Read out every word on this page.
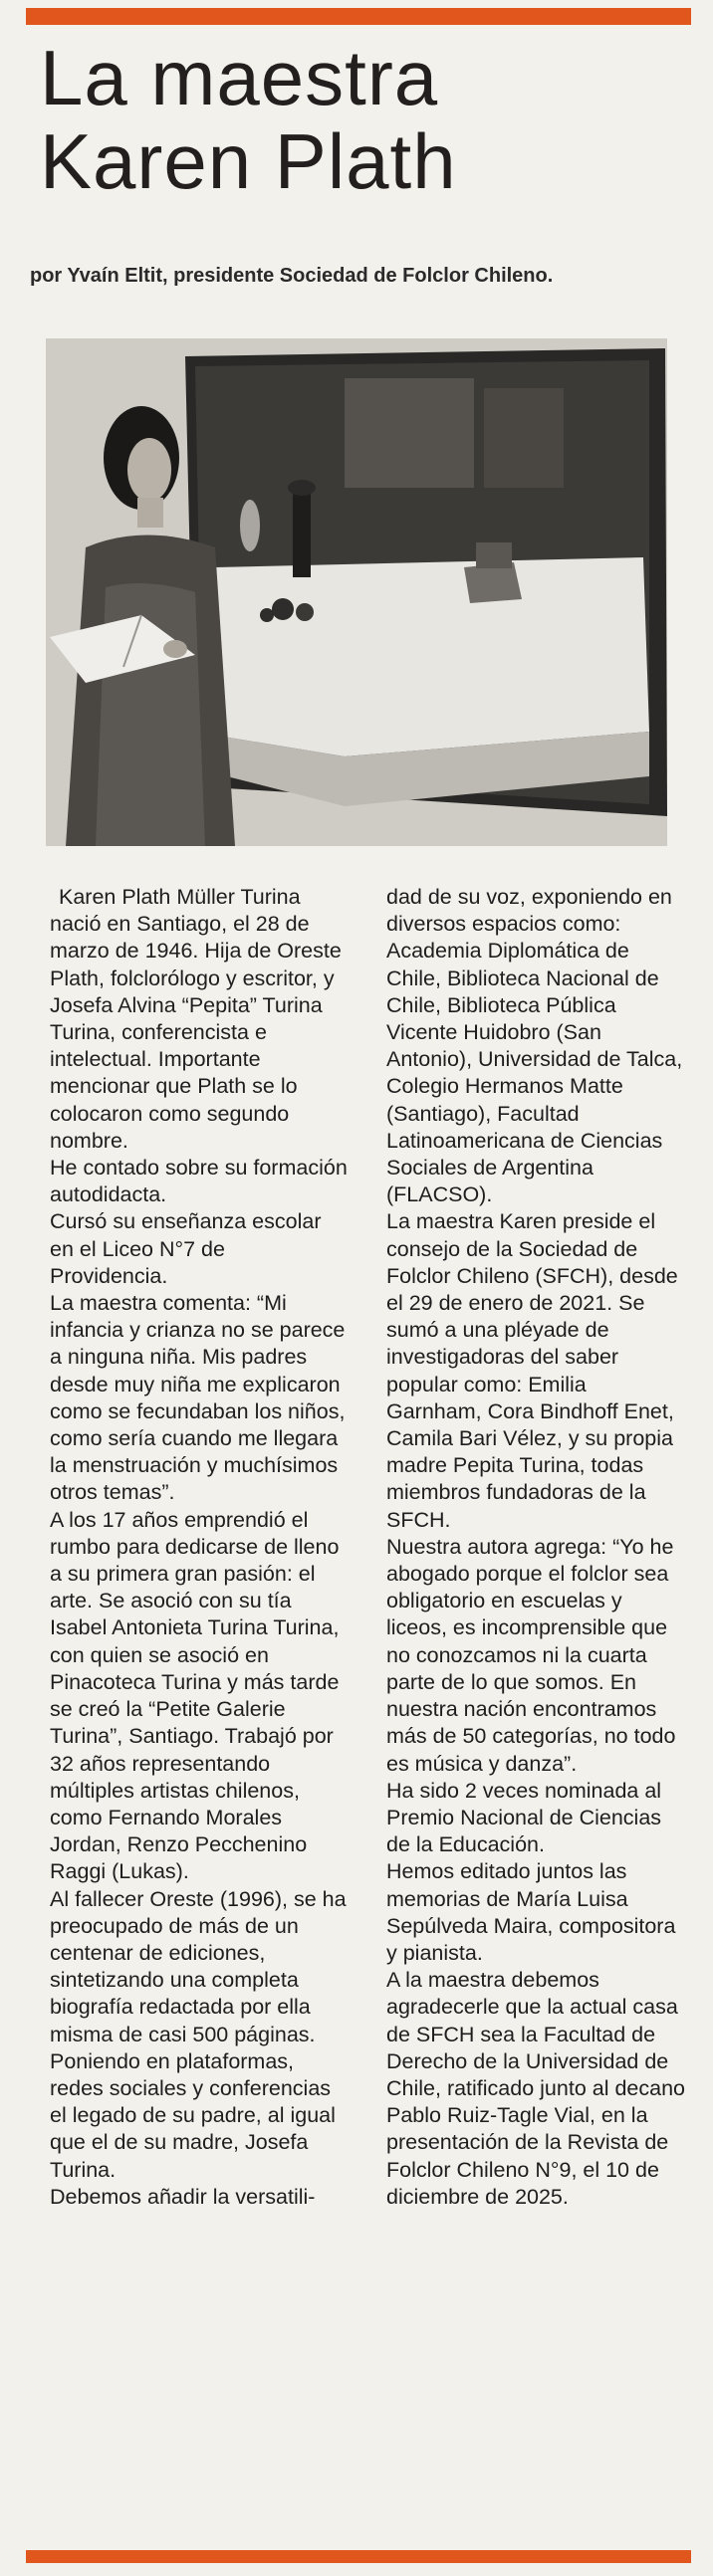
La maestra
Karen Plath
por Yvaín Eltit, presidente Sociedad de Folclor Chileno.

Karen Plath Müller Turina nació en Santiago, el 28 de marzo de 1946. Hija de Oreste Plath, folclorólogo y escritor, y Josefa Alvina “Pepita” Turina Turina, conferencista e intelectual. Importante mencionar que Plath se lo colocaron como segundo nombre.

He contado sobre su formación autodidacta.

Cursó su enseñanza escolar en el Liceo N°7 de Providencia.

La maestra comenta: “Mi infancia y crianza no se parece a ninguna niña. Mis padres desde muy niña me explicaron como se fecundaban los niños, como sería cuando me llegara la menstruación y muchísimos otros temas”.

A los 17 años emprendió el rumbo para dedicarse de lleno a su primera gran pasión: el arte. Se asoció con su tía Isabel Antonieta Turina Turina, con quien se asoció en Pinacoteca Turina y más tarde se creó la “Petite Galerie Turina”, Santiago. Trabajó por 32 años representando múltiples artistas chilenos, como Fernando Morales Jordan, Renzo Pecchenino Raggi (Lukas).

Al fallecer Oreste (1996), se ha preocupado de más de un centenar de ediciones, sintetizando una completa biografía redactada por ella misma de casi 500 páginas.

Poniendo en plataformas, redes sociales y conferencias el legado de su padre, al igual que el de su madre, Josefa Turina.

Debemos añadir la versatili-

dad de su voz, exponiendo en diversos espacios como: Academia Diplomática de Chile, Biblioteca Nacional de Chile, Biblioteca Pública Vicente Huidobro (San Antonio), Universidad de Talca, Colegio Hermanos Matte (Santiago), Facultad Latinoamericana de Ciencias Sociales de Argentina (FLACSO).

La maestra Karen preside el consejo de la Sociedad de Folclor Chileno (SFCH), desde el 29 de enero de 2021. Se sumó a una pléyade de investigadoras del saber popular como: Emilia Garnham, Cora Bindhoff Enet, Camila Bari Vélez, y su propia madre Pepita Turina, todas miembros fundadoras de la SFCH.

Nuestra autora agrega: “Yo he abogado porque el folclor sea obligatorio en escuelas y liceos, es incomprensible que no conozcamos ni la cuarta parte de lo que somos. En nuestra nación encontramos más de 50 categorías, no todo es música y danza”.

Ha sido 2 veces nominada al Premio Nacional de Ciencias de la Educación.

Hemos editado juntos las memorias de María Luisa Sepúlveda Maira, compositora y pianista.

A la maestra debemos agradecerle que la actual casa de SFCH sea la Facultad de Derecho de la Universidad de Chile, ratificado junto al decano Pablo Ruiz-Tagle Vial, en la presentación de la Revista de Folclor Chileno N°9, el 10 de diciembre de 2025.
